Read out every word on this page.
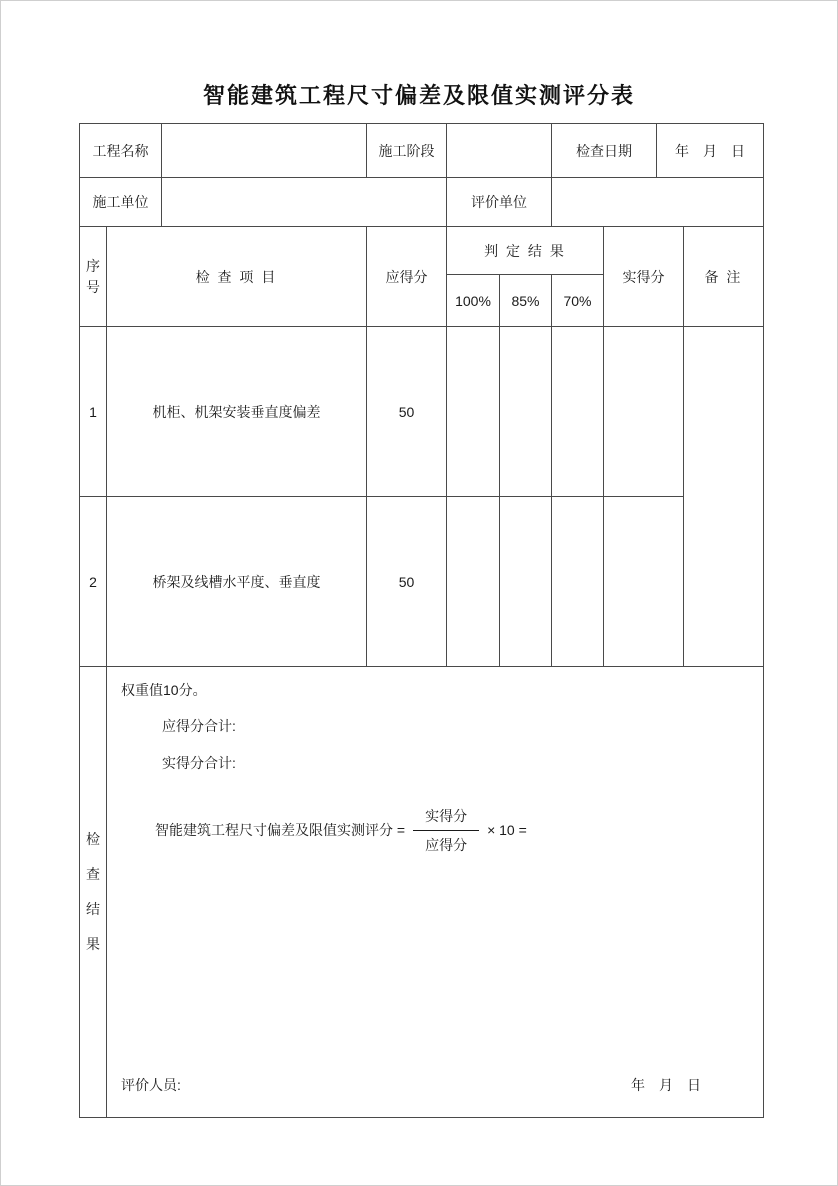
智能建筑工程尺寸偏差及限值实测评分表
工程名称			施工阶段			检查日期		年　月　日	
施工单位				评价单位					

序号	检 查 项 目		应得分	判 定 结 果			实得分		备 注
				100%	85%	70%			
1	机柜、机架安装垂直度偏差		50						
2	桥架及线槽水平度、垂直度		50						

检查结果

权重值10分。
应得分合计:
实得分合计:
智能建筑工程尺寸偏差及限值实测评分 = $\frac{\text{实得分}}{\text{应得分}} \times 10$ =
评价人员:	年　月　日
